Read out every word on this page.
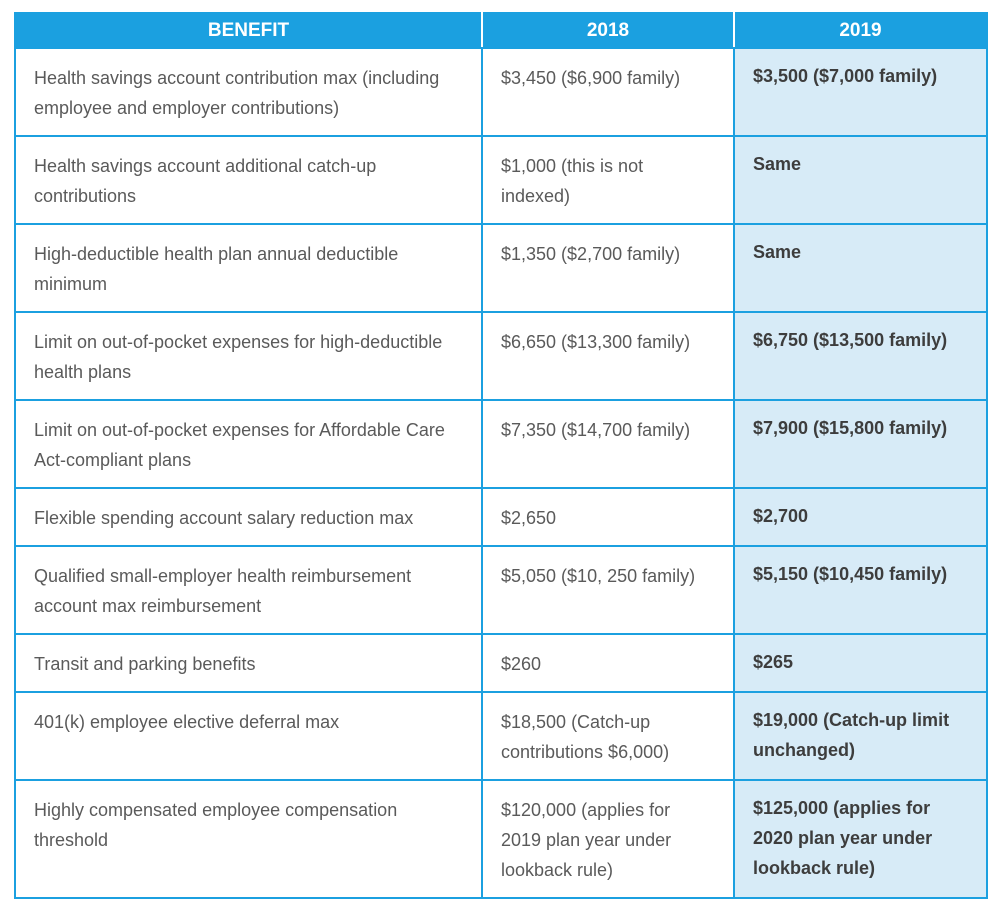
BENEFIT	2018	2019
Health savings account contribution max (including employee and employer contributions)	$3,450 ($6,900 family)	$3,500 ($7,000 family)
Health savings account additional catch-up contributions	$1,000 (this is not indexed)	Same
High-deductible health plan annual deductible minimum	$1,350 ($2,700 family)	Same
Limit on out-of-pocket expenses for high-deductible health plans	$6,650 ($13,300 family)	$6,750 ($13,500 family)
Limit on out-of-pocket expenses for Affordable Care Act-compliant plans	$7,350 ($14,700 family)	$7,900 ($15,800 family)
Flexible spending account salary reduction max	$2,650	$2,700
Qualified small-employer health reimbursement account max reimbursement	$5,050 ($10, 250 family)	$5,150 ($10,450 family)
Transit and parking benefits	$260	$265
401(k) employee elective deferral max	$18,500 (Catch-up contributions $6,000)	$19,000 (Catch-up limit unchanged)
Highly compensated employee compensation threshold	$120,000 (applies for 2019 plan year under lookback rule)	$125,000 (applies for 2020 plan year under lookback rule)
